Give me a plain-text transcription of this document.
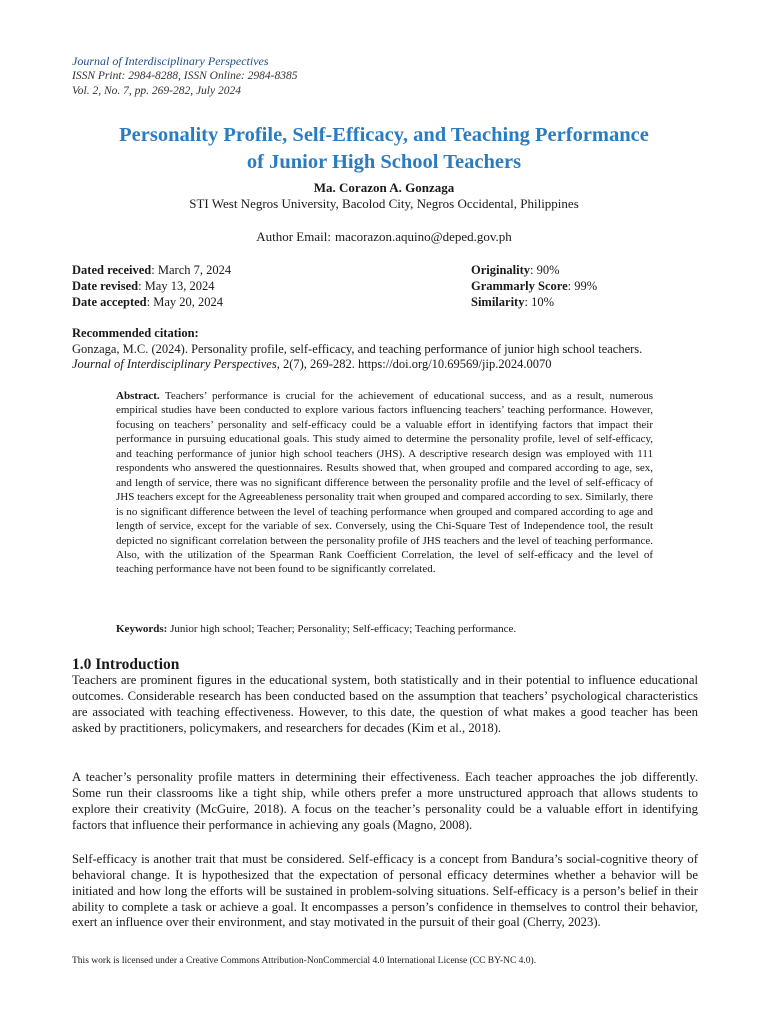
Journal of Interdisciplinary Perspectives
ISSN Print: 2984-8288, ISSN Online: 2984-8385
Vol. 2, No. 7, pp. 269-282, July 2024
Personality Profile, Self-Efficacy, and Teaching Performance
of Junior High School Teachers
Ma. Corazon A. Gonzaga
STI West Negros University, Bacolod City, Negros Occidental, Philippines
Author Email: macorazon.aquino@deped.gov.ph
Dated received: March 7, 2024
Date revised: May 13, 2024
Date accepted: May 20, 2024
Originality: 90%
Grammarly Score: 99%
Similarity: 10%
Recommended citation:
Gonzaga, M.C. (2024). Personality profile, self-efficacy, and teaching performance of junior high school teachers.
Journal of Interdisciplinary Perspectives, 2(7), 269-282. https://doi.org/10.69569/jip.2024.0070
Abstract. Teachers’ performance is crucial for the achievement of educational success, and as a result, numerous empirical studies have been conducted to explore various factors influencing teachers’ teaching performance. However, focusing on teachers’ personality and self-efficacy could be a valuable effort in identifying factors that impact their performance in pursuing educational goals. This study aimed to determine the personality profile, level of self-efficacy, and teaching performance of junior high school teachers (JHS). A descriptive research design was employed with 111 respondents who answered the questionnaires. Results showed that, when grouped and compared according to age, sex, and length of service, there was no significant difference between the personality profile and the level of self-efficacy of JHS teachers except for the Agreeableness personality trait when grouped and compared according to sex. Similarly, there is no significant difference between the level of teaching performance when grouped and compared according to age and length of service, except for the variable of sex. Conversely, using the Chi-Square Test of Independence tool, the result depicted no significant correlation between the personality profile of JHS teachers and the level of teaching performance. Also, with the utilization of the Spearman Rank Coefficient Correlation, the level of self-efficacy and the level of teaching performance have not been found to be significantly correlated.
Keywords: Junior high school; Teacher; Personality; Self-efficacy; Teaching performance.
1.0 Introduction
Teachers are prominent figures in the educational system, both statistically and in their potential to influence educational outcomes. Considerable research has been conducted based on the assumption that teachers’ psychological characteristics are associated with teaching effectiveness. However, to this date, the question of what makes a good teacher has been asked by practitioners, policymakers, and researchers for decades (Kim et al., 2018).
A teacher’s personality profile matters in determining their effectiveness. Each teacher approaches the job differently. Some run their classrooms like a tight ship, while others prefer a more unstructured approach that allows students to explore their creativity (McGuire, 2018). A focus on the teacher’s personality could be a valuable effort in identifying factors that influence their performance in achieving any goals (Magno, 2008).
Self-efficacy is another trait that must be considered. Self-efficacy is a concept from Bandura’s social-cognitive theory of behavioral change. It is hypothesized that the expectation of personal efficacy determines whether a behavior will be initiated and how long the efforts will be sustained in problem-solving situations. Self-efficacy is a person’s belief in their ability to complete a task or achieve a goal. It encompasses a person’s confidence in themselves to control their behavior, exert an influence over their environment, and stay motivated in the pursuit of their goal (Cherry, 2023).
This work is licensed under a Creative Commons Attribution-NonCommercial 4.0 International License (CC BY-NC 4.0).
